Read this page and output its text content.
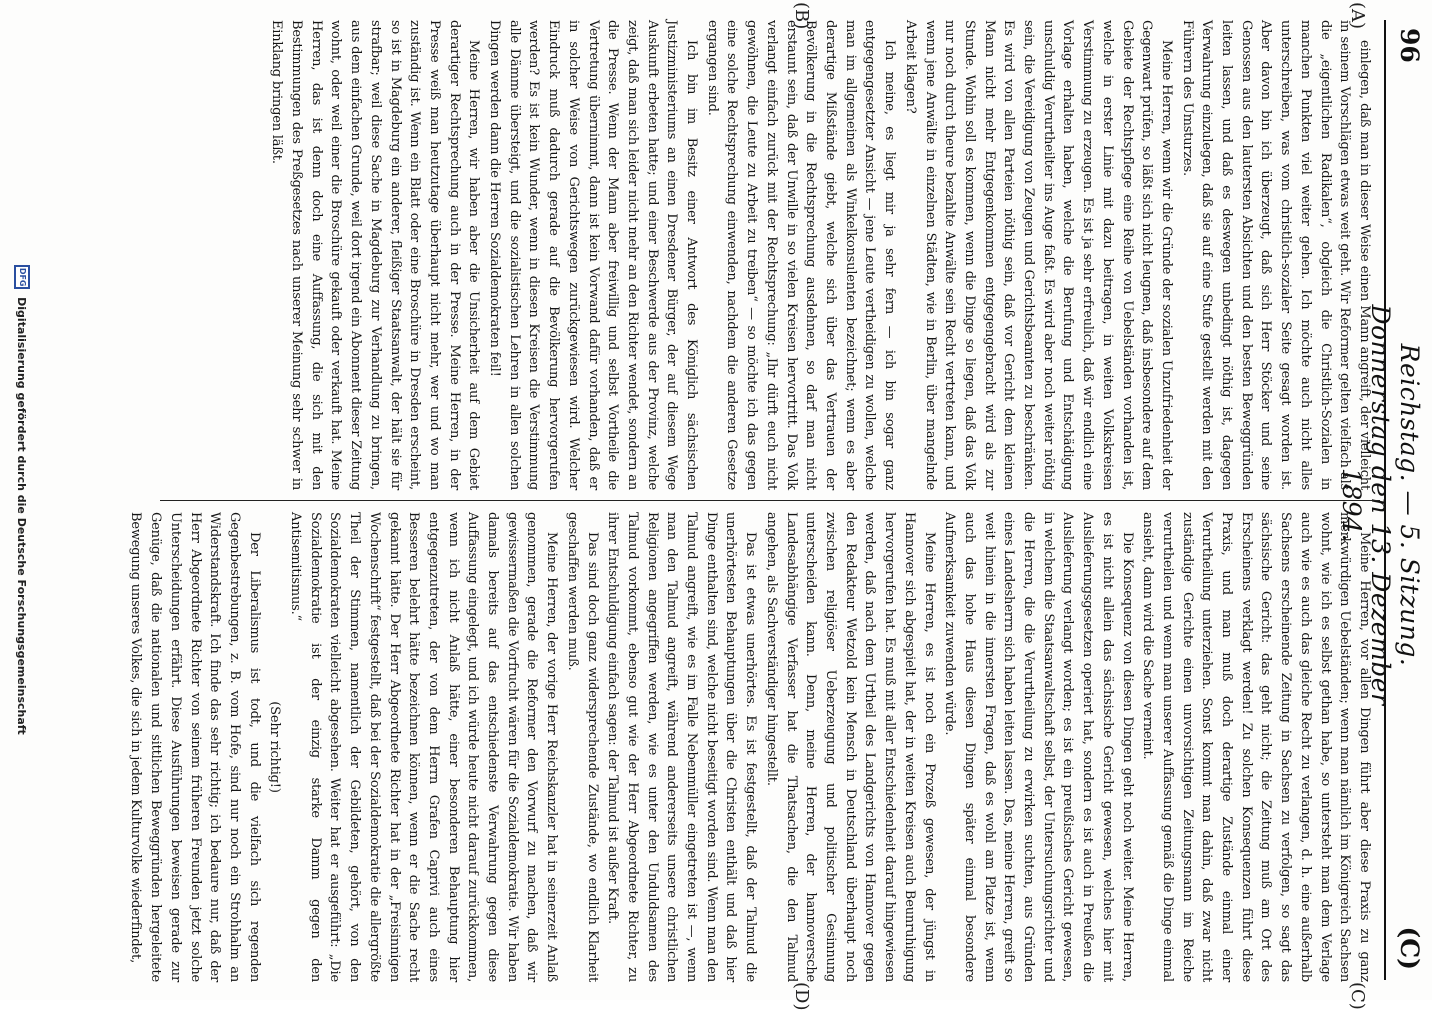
96
Reichstag. — 5. Sitzung. Donnerstag den 13. Dezember 1894.
(C)
(A)
(B)
(C)
(D)

einlegen, daß man in dieser Weise einen Mann angreift, der vielleicht in seinem Vorschlägen etwas weit geht. Wir Reformer gelten vielfach als die „eigentlichen Radikalen“, obgleich die Christlich-Sozialen in manchen Punkten viel weiter gehen. Ich möchte auch nicht alles unterschreiben, was vom christlich-sozialer Seite gesagt worden ist. Aber davon bin ich überzeugt, daß sich Herr Stöcker und seine Genossen aus den lautersten Absichten und den besten Beweggründen leiten lassen, und daß es deswegen unbedingt nöthig ist, dagegen Verwahrung einzulegen, daß sie auf eine Stufe gestellt werden mit den Führern des Umsturzes.

Meine Herren, wenn wir die Gründe der sozialen Unzufriedenheit der Gegenwart prüfen, so läßt sich nicht leugnen, daß insbesondere auf dem Gebiete der Rechtspflege eine Reihe von Uebelständen vorhanden ist, welche in erster Linie mit dazu beitragen, in weiten Volkskreisen Verstimmung zu erzeugen. Es ist ja sehr erfreulich, daß wir endlich eine Vorlage erhalten haben, welche die Berufung und Entschädigung unschuldig Verurtheilter ins Auge faßt. Es wird aber noch weiter nöthig sein, die Vereidigung von Zeugen und Gerichtsbeamten zu beschränken. Es wird von allen Parteien nöthig sein, daß vor Gericht dem kleinen Mann nicht mehr Entgegenkommen entgegengebracht wird als zur Stunde. Wohin soll es kommen, wenn die Dinge so liegen, daß das Volk nur noch durch theure bezahlte Anwälte sein Recht vertreten kann, und wenn jene Anwälte in einzelnen Städten, wie in Berlin, über mangelnde Arbeit klagen?

Ich meine, es liegt mir ja sehr fern — ich bin sogar ganz entgegengesetzter Ansicht — jene Leute vertheidigen zu wollen, welche man im allgemeinen als Winkelkonsulenten bezeichnet; wenn es aber derartige Mißstände giebt, welche sich über das Vertrauen der Bevölkerung in die Rechtsprechung ausdehnen, so darf man nicht erstaunt sein, daß der Unwille in so vielen Kreisen hervortritt. Das Volk verlangt einfach zurück mit der Rechtsprechung: „Ihr dürft euch nicht gewöhnen, die Leute zu Arbeit zu treiben“ — so möchte ich das gegen eine solche Rechtsprechung einwenden, nachdem die anderen Gesetze ergangen sind.

Ich bin im Besitz einer Antwort des Königlich sächsischen Justizministeriums an einen Dresdener Bürger, der auf diesem Wege Auskunft erbeten hatte; und einer Beschwerde aus der Provinz, welche zeigt, daß man sich leider nicht mehr an den Richter wendet, sondern an die Presse. Wenn der Mann aber freiwillig und selbst Vortheile die Vertretung übernimmt, dann ist kein Vorwand dafür vorhanden, daß er in solcher Weise von Gerichtswegen zurückgewiesen wird. Welcher Eindruck muß dadurch gerade auf die Bevölkerung hervorgerufen werden? Es ist kein Wunder, wenn in diesen Kreisen die Verstimmung alle Dämme übersteigt, und die sozialistischen Lehren in allen solchen Dingen werden dann die Herren Sozialdemokraten feil!

Meine Herren, wir haben aber die Unsicherheit auf dem Gebiet derartiger Rechtsprechung auch in der Presse. Meine Herren, in der Presse weiß man heutzutage überhaupt nicht mehr, wer und wo man zuständig ist. Wenn ein Blatt oder eine Broschüre in Dresden erscheint, so ist in Magdeburg ein anderer, fleißiger Staatsanwalt, der hält sie für strafbar; weil diese Sache in Magdeburg zur Verhandlung zu bringen, aus dem einfachen Grunde, weil dort irgend ein Abonnent dieser Zeitung wohnt, oder weil einer die Broschüre gekauft oder verkauft hat. Meine Herren, das ist denn doch eine Auffassung, die sich mit den Bestimmungen des Preßgesetzes nach unserer Meinung sehr schwer in Einklang bringen läßt.

Meine Herren, vor allen Dingen führt aber diese Praxis zu ganz merkwürdigen Uebelständen; wenn man nämlich im Königreich Sachsen wohnt, wie ich es selbst gethan habe, so untersteht man dem Verlage auch wie es auch das gleiche Recht zu verlangen, d. h. eine außerhalb Sachsens erscheinende Zeitung in Sachsen zu verfolgen, so sagt das sächsische Gericht: das geht nicht; die Zeitung muß am Ort des Erscheinens verklagt werden! Zu solchen Konsequenzen führt diese Praxis, und man muß doch derartige Zustände einmal einer Verurtheilung unterziehen. Sonst kommt man dahin, daß zwar nicht zuständige Gerichte einen unvorsichtigen Zeitungsmann im Reiche verurtheilen und wenn man unserer Auffassung gemäß die Dinge einmal ansieht, dann wird die Sache verneint.

Die Konsequenz von diesen Dingen geht noch weiter. Meine Herren, es ist nicht allein das sächsische Gericht gewesen, welches hier mit Auslieferungsgesetzen operiert hat, sondern es ist auch in Preußen die Auslieferung verlangt worden; es ist ein preußisches Gericht gewesen, in welchem die Staatsanwaltschaft selbst, der Untersuchungsrichter und die Herren, die die Verurtheilung zu erwirken suchten, aus Gründen eines Landesherrn sich haben leiten lassen. Das, meine Herren, greift so weit hinein in die innersten Fragen, daß es wohl am Platze ist, wenn auch das hohe Haus diesen Dingen später einmal besondere Aufmerksamkeit zuwenden würde.

Meine Herren, es ist noch ein Prozeß gewesen, der jüngst in Hannover sich abgespielt hat, der in weiten Kreisen auch Beunruhigung hervorgerufen hat. Es muß mit aller Entschiedenheit darauf hingewiesen werden, daß nach dem Urtheil des Landgerichts von Hannover gegen den Redakteur Wetzold kein Mensch in Deutschland überhaupt noch zwischen religiöser Ueberzeugung und politischer Gesinnung unterscheiden kann. Denn, meine Herren, der hannoversche Landesabhängige Verfasser hat die Thatsachen, die den Talmud angehen, als Sachverständiger hingestellt.

Das ist etwas unerhörtes. Es ist festgestellt, daß der Talmud die unerhörtesten Behauptungen über die Christen enthält und daß hier Dinge enthalten sind, welche nicht beseitigt worden sind. Wenn man den Talmud angreift, wie es im Falle Nebenmüller eingetreten ist —, wenn man den Talmud angreift, während andererseits unsere christlichen Religionen angegriffen werden, wie es unter den Unduldsamen des Talmud vorkommt, ebenso gut wie der Herr Abgeordnete Richter, zu ihrer Entschuldigung einfach sagen: der Talmud ist außer Kraft.

Das sind doch ganz widersprechende Zustände, wo endlich Klarheit geschaffen werden muß.

Meine Herren, der vorige Herr Reichskanzler hat in seinerzeit Anlaß genommen, gerade die Reformer den Vorwurf zu machen, daß wir gewissermaßen die Vorfrucht wären für die Sozialdemokratie. Wir haben damals bereits auf das entschiedenste Verwahrung gegen diese Auffassung eingelegt, und ich würde heute nicht darauf zurückkommen, wenn ich nicht Anlaß hätte, einer besonderen Behauptung hier entgegenzutreten, der von dem Herrn Grafen Caprivi auch eines Besseren belehrt hätte bezeichnen können, wenn er die Sache recht gekannt hätte. Der Herr Abgeordnete Richter hat in der „Freisinnigen Wochenschrift“ festgestellt, daß bei der Sozialdemokratie die allergrößte Theil der Stimmen, namentlich der Gebildeten, gehört, von den Sozialdemokraten vielleicht abgesehen. Weiter hat er ausgeführt: „Die Sozialdemokratie ist der einzig starke Damm gegen den Antisemitismus.“

(Sehr richtig!)

Der Liberalismus ist todt, und die vielfach sich regenden Gegenbestrebungen, z. B. vom Hofe, sind nur noch ein Strohhalm an Widerstandskraft. Ich finde das sehr richtig; ich bedaure nur, daß der Herr Abgeordnete Richter von seinem früheren Freunden jetzt solche Unterscheidungen erfährt. Diese Ausführungen beweisen gerade zur Genüge, daß die nationalen und sittlichen Beweggründen hergeleitete Bewegung unseres Volkes, die sich in jedem Kulturvolke wiederfindet,

DFG
Digitalisierung gefördert durch die Deutsche Forschungsgemeinschaft
